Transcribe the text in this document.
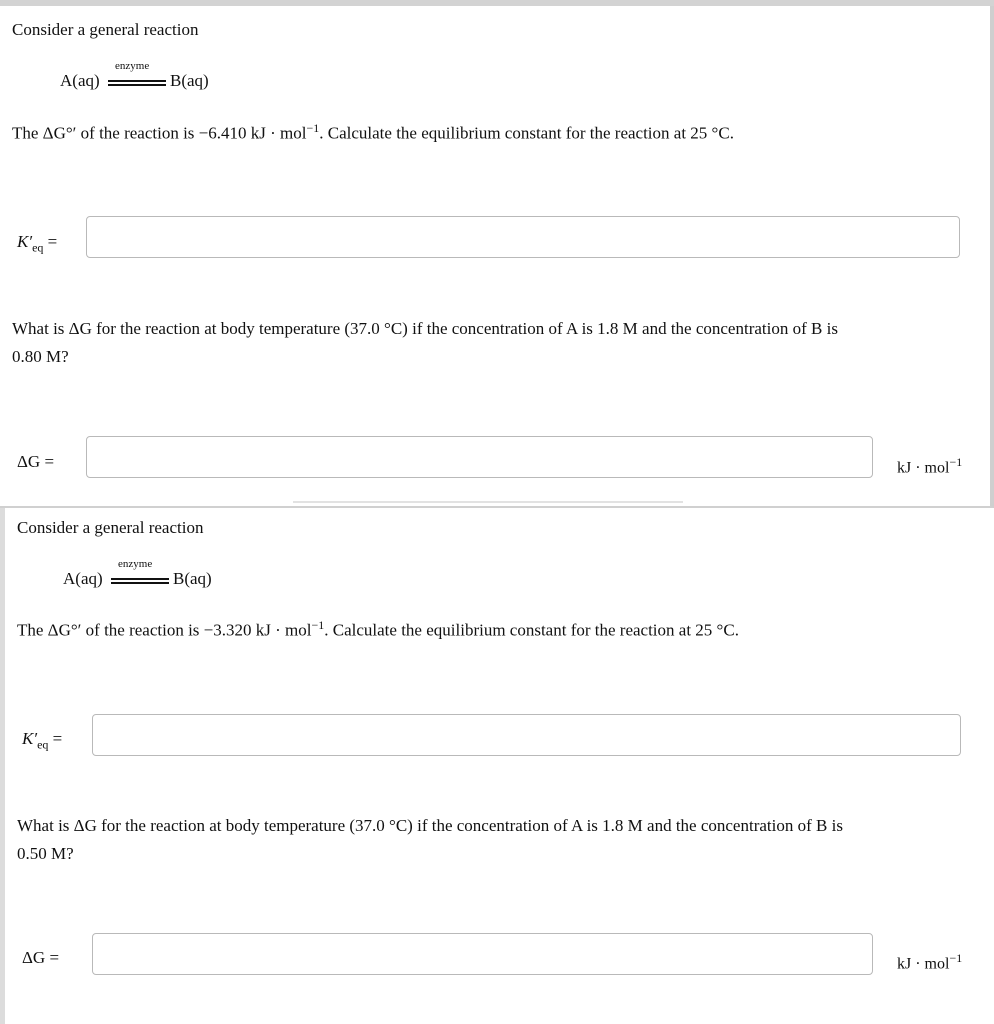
Consider a general reaction
enzyme
A(aq)	B(aq)
The ΔG°′ of the reaction is −6.410 kJ · mol$^{-1}$. Calculate the equilibrium constant for the reaction at 25 °C.
$K'_{eq}$ =
What is ΔG for the reaction at body temperature (37.0 °C) if the concentration of A is 1.8 M and the concentration of B is
0.80 M?
ΔG =	kJ · mol$^{-1}$
Consider a general reaction
enzyme
A(aq)	B(aq)
The ΔG°′ of the reaction is −3.320 kJ · mol$^{-1}$. Calculate the equilibrium constant for the reaction at 25 °C.
$K'_{eq}$ =
What is ΔG for the reaction at body temperature (37.0 °C) if the concentration of A is 1.8 M and the concentration of B is
0.50 M?
ΔG =	kJ · mol$^{-1}$
